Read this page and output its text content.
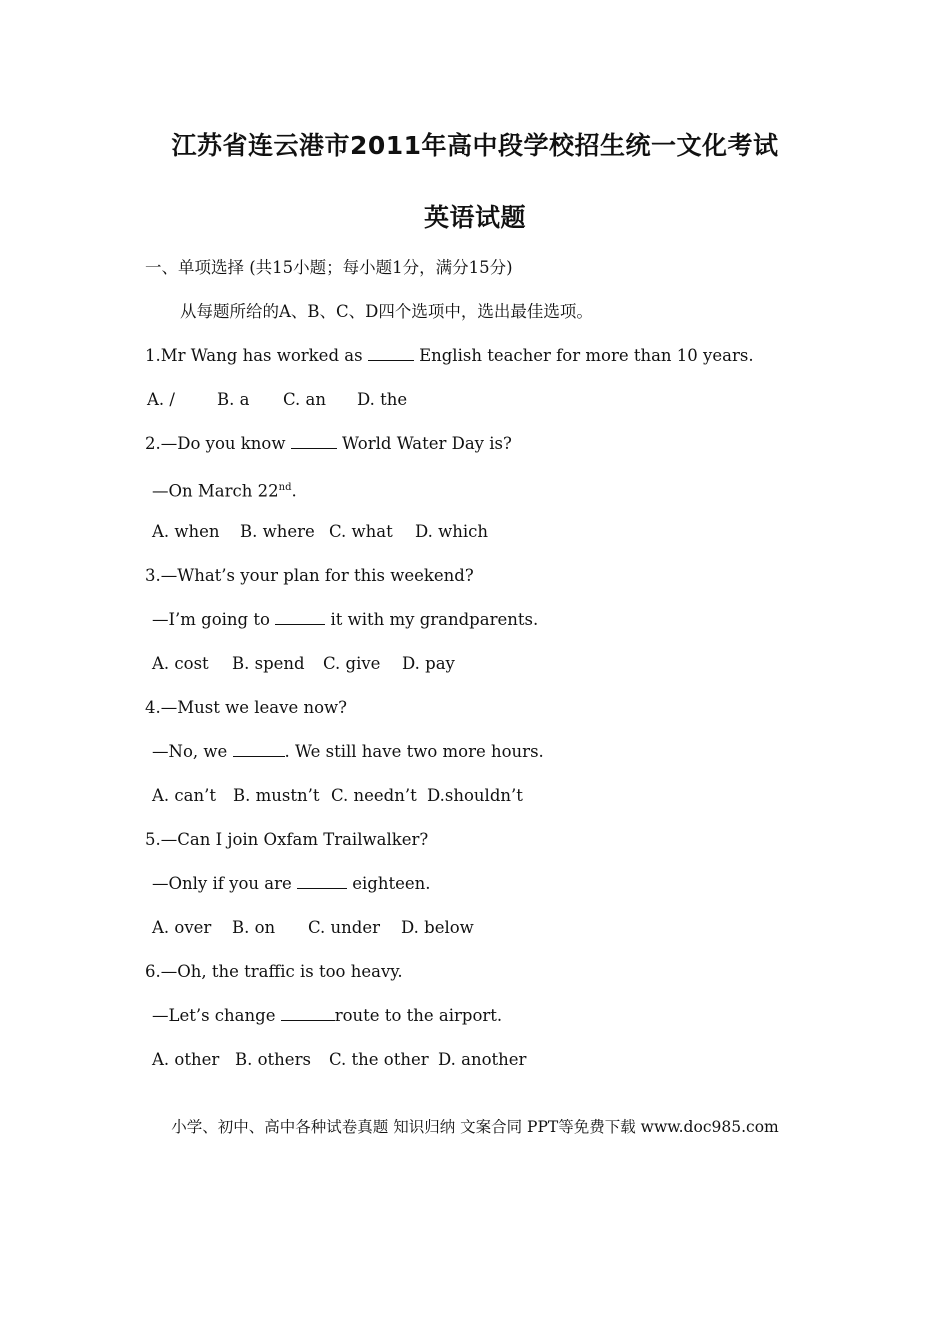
江苏省连云港市2011年高中段学校招生统一文化考试
英语试题
一、单项选择 (共15小题；每小题1分，满分15分)
从每题所给的A、B、C、D四个选项中，选出最佳选项。
1.Mr Wang has worked as	English teacher for more than 10 years.
A. /	B. a C. an D. the
2.—Do you know	World Water Day is?
—On March 22nd.
A. when B. where C. what D. which
3.—What’s your plan for this weekend?
—I’m going to	it with my grandparents.
A. cost B. spend C. give D. pay
4.—Must we leave now?
—No, we	. We still have two more hours.
A. can’t B. mustn’t C. needn’t D.shouldn’t
5.—Can I join Oxfam Trailwalker?
—Only if you are	eighteen.
A. over B. on C. under D. below
6.—Oh, the traffic is too heavy.
—Let’s change	route to the airport.
A. other B. others C. the other D. another
小学、初中、高中各种试卷真题 知识归纳 文案合同 PPT等免费下载 www.doc985.com
